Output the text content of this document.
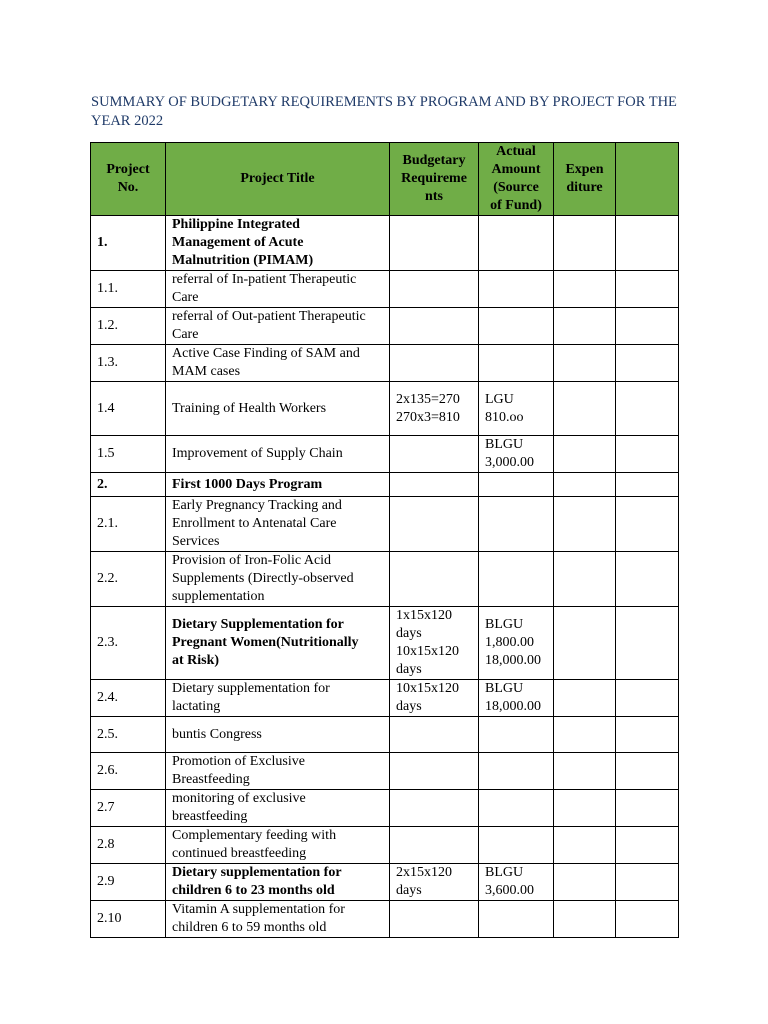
SUMMARY OF BUDGETARY REQUIREMENTS BY PROGRAM AND BY PROJECT FOR THE YEAR 2022
Project
No.	Project Title	Budgetary
Requireme
nts	Actual
Amount
(Source
of Fund)	Expen
diture	
1.	Philippine Integrated
Management of Acute
Malnutrition (PIMAM)				
1.1.	referral of In-patient Therapeutic
Care				
1.2.	referral of Out-patient Therapeutic
Care				
1.3.	Active Case Finding of SAM and
MAM cases				
1.4	Training of Health Workers	2x135=270
270x3=810	LGU
810.oo		
1.5	Improvement of Supply Chain		BLGU
3,000.00		
2.	First 1000 Days Program				
2.1.	Early Pregnancy Tracking and
Enrollment to Antenatal Care
Services				
2.2.	Provision of Iron-Folic Acid
Supplements (Directly-observed
supplementation				
2.3.	Dietary Supplementation for
Pregnant Women(Nutritionally
at Risk)	1x15x120
days
10x15x120
days	BLGU
1,800.00
18,000.00		
2.4.	Dietary supplementation for
lactating	10x15x120
days	BLGU
18,000.00		
2.5.	buntis Congress				
2.6.	Promotion of Exclusive
Breastfeeding				
2.7	monitoring of exclusive
breastfeeding				
2.8	Complementary feeding with
continued breastfeeding				
2.9	Dietary supplementation for
children 6 to 23 months old	2x15x120
days	BLGU
3,600.00		
2.10	Vitamin A supplementation for
children 6 to 59 months old				
